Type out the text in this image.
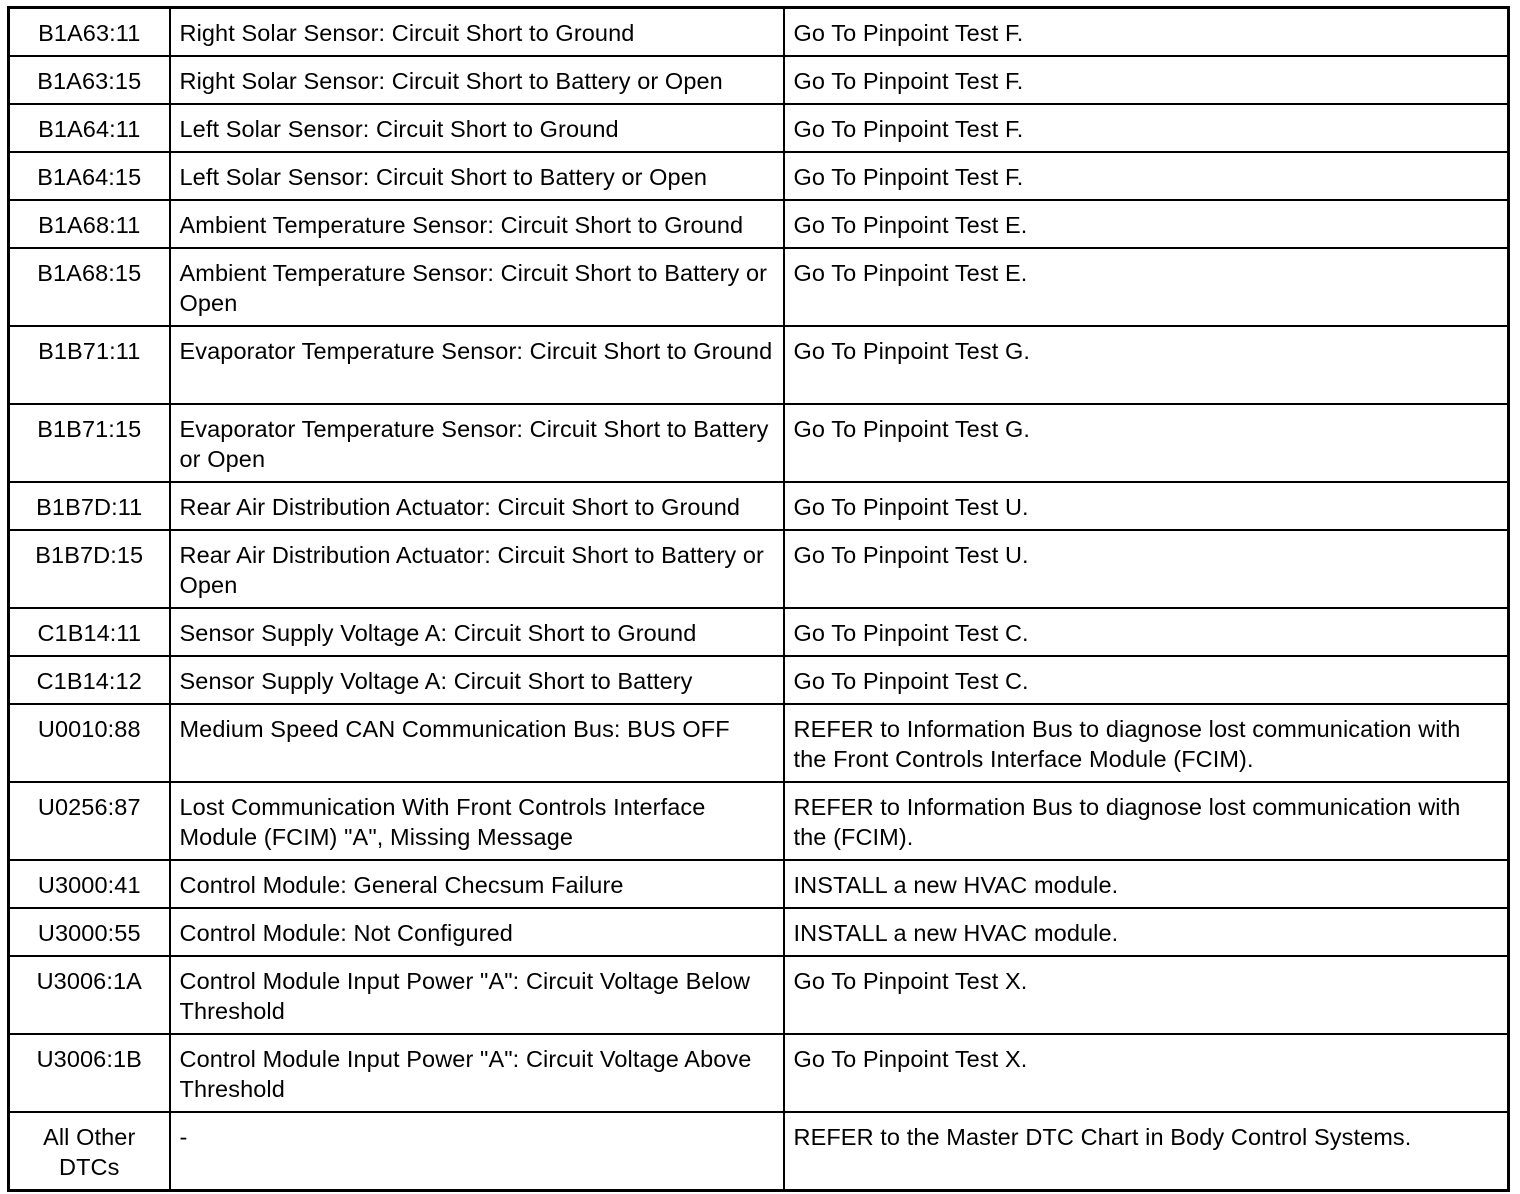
B1A63:11	Right Solar Sensor: Circuit Short to Ground	Go To Pinpoint Test F.
B1A63:15	Right Solar Sensor: Circuit Short to Battery or Open	Go To Pinpoint Test F.
B1A64:11	Left Solar Sensor: Circuit Short to Ground	Go To Pinpoint Test F.
B1A64:15	Left Solar Sensor: Circuit Short to Battery or Open	Go To Pinpoint Test F.
B1A68:11	Ambient Temperature Sensor: Circuit Short to Ground	Go To Pinpoint Test E.
B1A68:15	Ambient Temperature Sensor: Circuit Short to Battery or Open	Go To Pinpoint Test E.
B1B71:11	Evaporator Temperature Sensor: Circuit Short to Ground	Go To Pinpoint Test G.
B1B71:15	Evaporator Temperature Sensor: Circuit Short to Battery or Open	Go To Pinpoint Test G.
B1B7D:11	Rear Air Distribution Actuator: Circuit Short to Ground	Go To Pinpoint Test U.
B1B7D:15	Rear Air Distribution Actuator: Circuit Short to Battery or Open	Go To Pinpoint Test U.
C1B14:11	Sensor Supply Voltage A: Circuit Short to Ground	Go To Pinpoint Test C.
C1B14:12	Sensor Supply Voltage A: Circuit Short to Battery	Go To Pinpoint Test C.
U0010:88	Medium Speed CAN Communication Bus: BUS OFF	REFER to Information Bus to diagnose lost communication with the Front Controls Interface Module (FCIM).
U0256:87	Lost Communication With Front Controls Interface Module (FCIM) "A", Missing Message	REFER to Information Bus to diagnose lost communication with the (FCIM).
U3000:41	Control Module: General Checsum Failure	INSTALL a new HVAC module.
U3000:55	Control Module: Not Configured	INSTALL a new HVAC module.
U3006:1A	Control Module Input Power "A": Circuit Voltage Below Threshold	Go To Pinpoint Test X.
U3006:1B	Control Module Input Power "A": Circuit Voltage Above Threshold	Go To Pinpoint Test X.
All Other DTCs	-	REFER to the Master DTC Chart in Body Control Systems.
